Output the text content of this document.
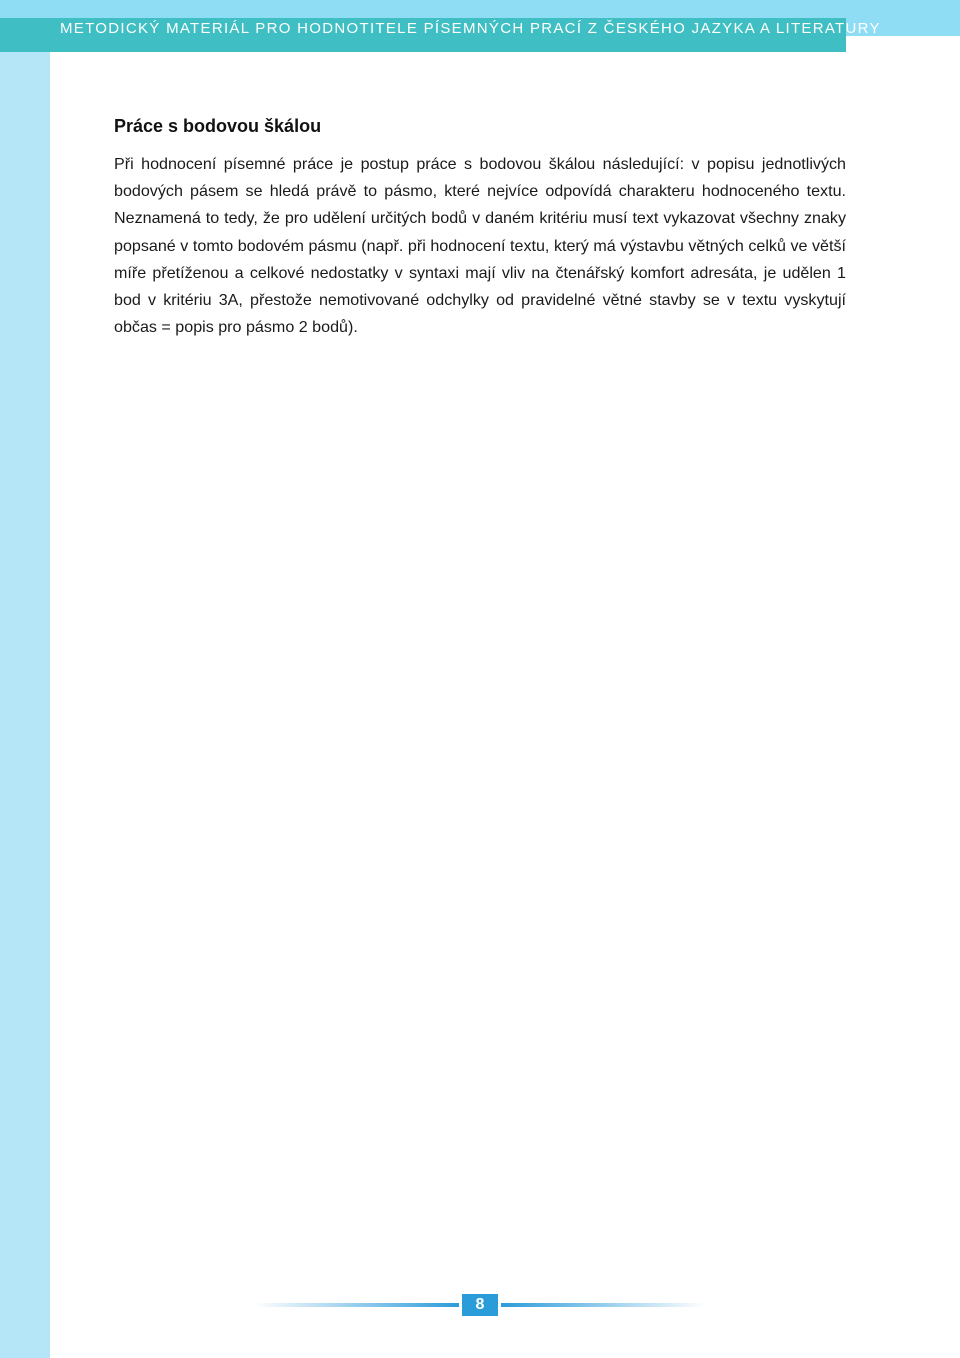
METODICKÝ MATERIÁL PRO HODNOTITELE PÍSEMNÝCH PRACÍ Z ČESKÉHO JAZYKA A LITERATURY
Práce s bodovou škálou

Při hodnocení písemné práce je postup práce s bodovou škálou následující: v popisu jednotlivých bodových pásem se hledá právě to pásmo, které nejvíce odpovídá charakteru hodnoceného textu. Neznamená to tedy, že pro udělení určitých bodů v daném kritériu musí text vykazovat všechny znaky popsané v tomto bodovém pásmu (např. při hodnocení textu, který má výstavbu větných celků ve větší míře přetíženou a celkové nedostatky v syntaxi mají vliv na čtenářský komfort adresáta, je udělen 1 bod v kritériu 3A, přestože nemotivované odchylky od pravidelné větné stavby se v textu vyskytují občas = popis pro pásmo 2 bodů).

8
